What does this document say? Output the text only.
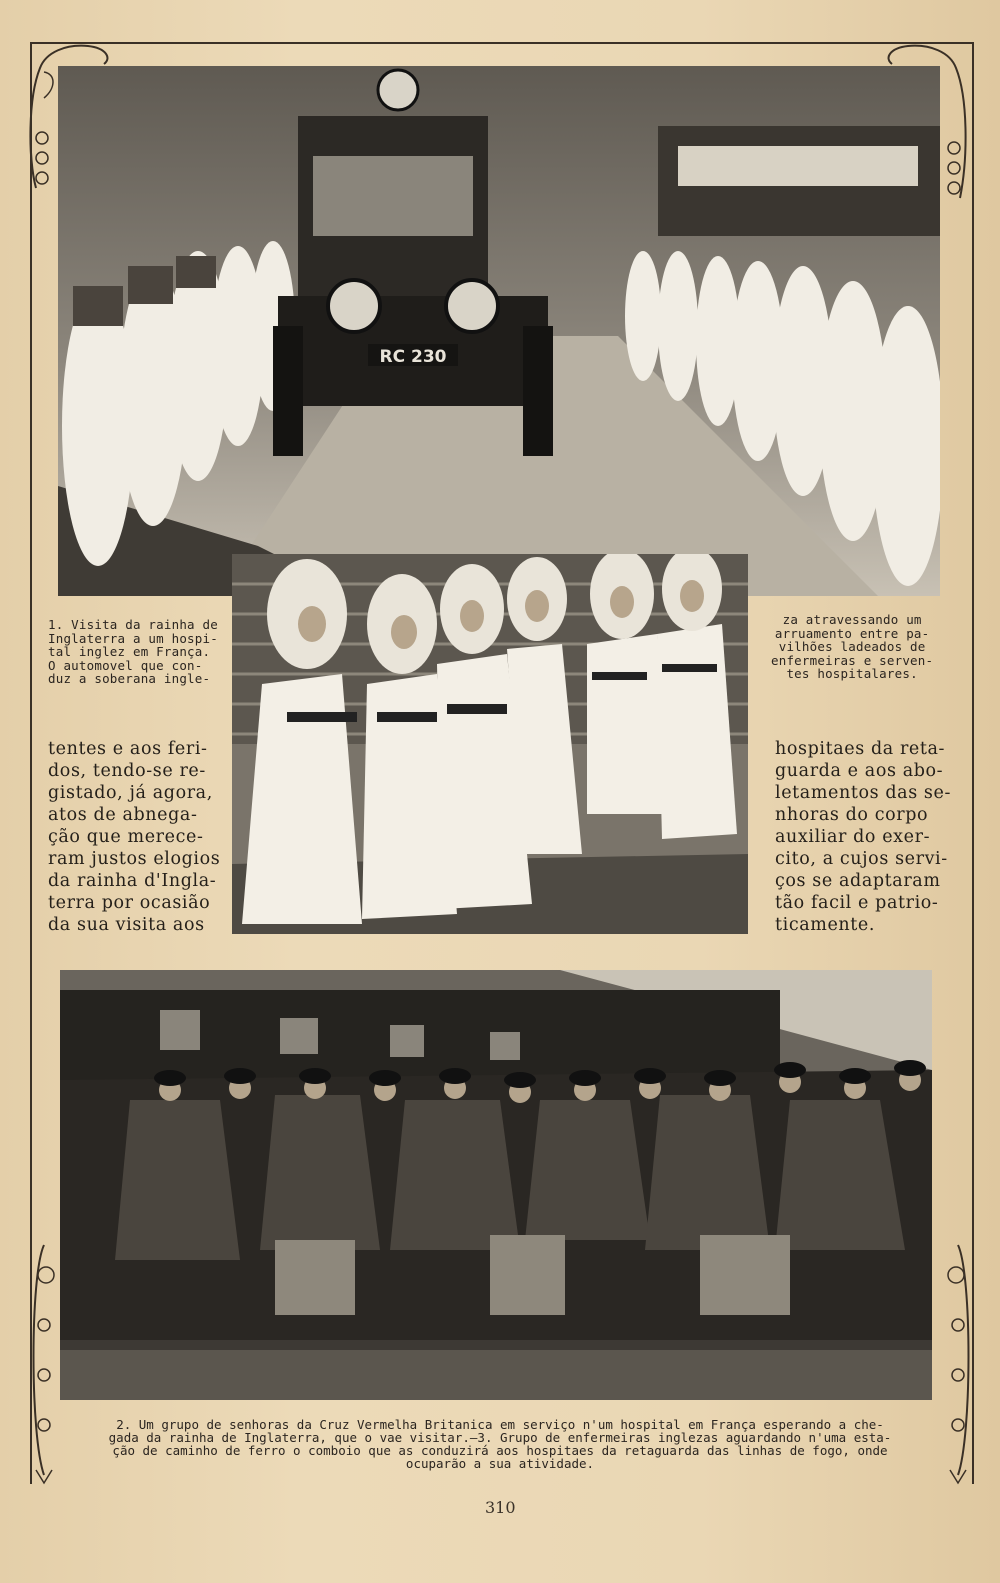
RC 230
1. Visita da rainha de
Inglaterra a um hospi-
tal inglez em França.
O automovel que con-
duz a soberana ingle-
za atravessando um
arruamento entre pa-
vilhões ladeados de
enfermeiras e serven-
tes hospitalares.
tentes e aos feri-
dos, tendo-se re-
gistado, já agora,
atos de abnega-
ção que merece-
ram justos elogios
da rainha d'Ingla-
terra por ocasião
da sua visita aos
hospitaes da reta-
guarda e aos abo-
letamentos das se-
nhoras do corpo
auxiliar do exer-
cito, a cujos servi-
ços se adaptaram
tão facil e patrio-
ticamente.
2. Um grupo de senhoras da Cruz Vermelha Britanica em serviço n'um hospital em França esperando a che-
gada da rainha de Inglaterra, que o vae visitar.—3. Grupo de enfermeiras inglezas aguardando n'uma esta-
ção de caminho de ferro o comboio que as conduzirá aos hospitaes da retaguarda das linhas de fogo, onde
ocuparão a sua atividade.
310
